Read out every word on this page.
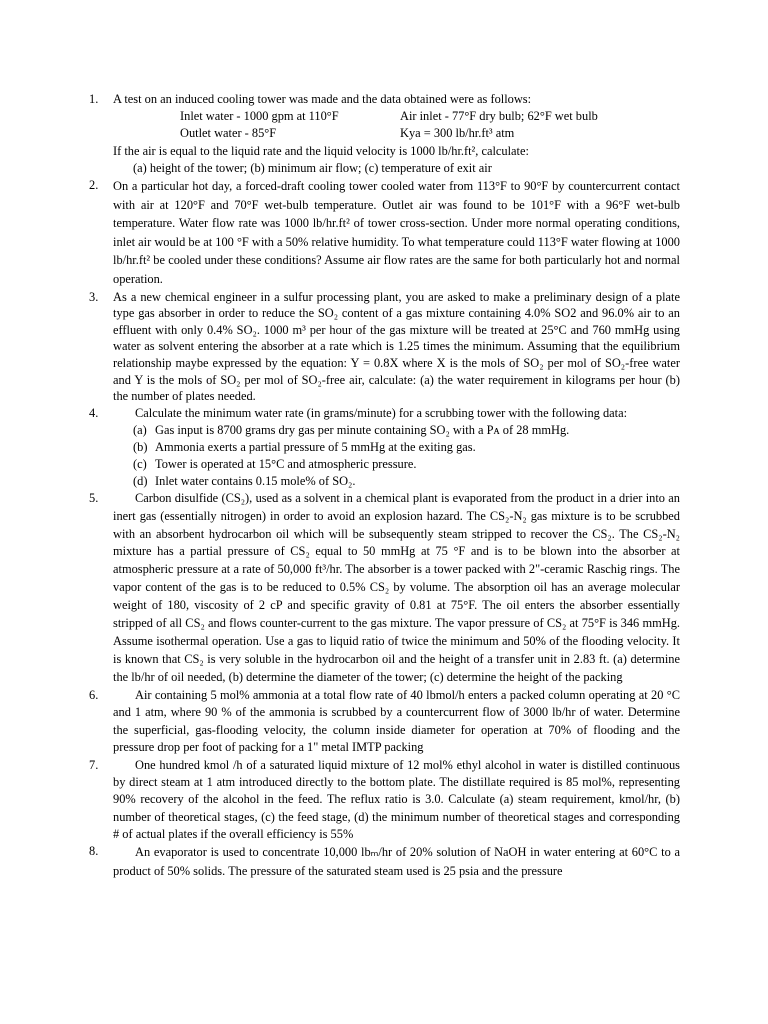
1.	A test on an induced cooling tower was made and the data obtained were as follows:

Inlet water - 1000 gpm at 110°F	Air inlet - 77°F dry bulb; 62°F wet bulb
Outlet water - 85°F	Kya = 300 lb/hr.ft³ atm

If the air is equal to the liquid rate and the liquid velocity is 1000 lb/hr.ft², calculate:

(a) height of the tower; (b) minimum air flow; (c) temperature of exit air

2.	On a particular hot day, a forced-draft cooling tower cooled water from 113°F to 90°F by countercurrent contact with air at 120°F and 70°F wet-bulb temperature. Outlet air was found to be 101°F with a 96°F wet-bulb temperature. Water flow rate was 1000 lb/hr.ft² of tower cross-section. Under more normal operating conditions, inlet air would be at 100 °F with a 50% relative humidity. To what temperature could 113°F water flowing at 1000 lb/hr.ft² be cooled under these conditions? Assume air flow rates are the same for both particularly hot and normal operation.

3.	As a new chemical engineer in a sulfur processing plant, you are asked to make a preliminary design of a plate type gas absorber in order to reduce the SO₂ content of a gas mixture containing 4.0% SO2 and 96.0% air to an effluent with only 0.4% SO₂. 1000 m³ per hour of the gas mixture will be treated at 25°C and 760 mmHg using water as solvent entering the absorber at a rate which is 1.25 times the minimum. Assuming that the equilibrium relationship maybe expressed by the equation: Y = 0.8X where X is the mols of SO₂ per mol of SO₂-free water and Y is the mols of SO₂ per mol of SO₂-free air, calculate: (a) the water requirement in kilograms per hour (b) the number of plates needed.

4.	Calculate the minimum water rate (in grams/minute) for a scrubbing tower with the following data:

(a) Gas input is 8700 grams dry gas per minute containing SO₂ with a Pᴀ of 28 mmHg.
(b) Ammonia exerts a partial pressure of 5 mmHg at the exiting gas.
(c) Tower is operated at 15°C and atmospheric pressure.
(d) Inlet water contains 0.15 mole% of SO₂.
5.	Carbon disulfide (CS₂), used as a solvent in a chemical plant is evaporated from the product in a drier into an inert gas (essentially nitrogen) in order to avoid an explosion hazard. The CS₂-N₂ gas mixture is to be scrubbed with an absorbent hydrocarbon oil which will be subsequently steam stripped to recover the CS₂. The CS₂-N₂ mixture has a partial pressure of CS₂ equal to 50 mmHg at 75 °F and is to be blown into the absorber at atmospheric pressure at a rate of 50,000 ft³/hr. The absorber is a tower packed with 2"-ceramic Raschig rings. The vapor content of the gas is to be reduced to 0.5% CS₂ by volume. The absorption oil has an average molecular weight of 180, viscosity of 2 cP and specific gravity of 0.81 at 75°F. The oil enters the absorber essentially stripped of all CS₂ and flows counter-current to the gas mixture. The vapor pressure of CS₂ at 75°F is 346 mmHg. Assume isothermal operation. Use a gas to liquid ratio of twice the minimum and 50% of the flooding velocity. It is known that CS₂ is very soluble in the hydrocarbon oil and the height of a transfer unit in 2.83 ft. (a) determine the lb/hr of oil needed, (b) determine the diameter of the tower; (c) determine the height of the packing

6.	Air containing 5 mol% ammonia at a total flow rate of 40 lbmol/h enters a packed column operating at 20 °C and 1 atm, where 90 % of the ammonia is scrubbed by a countercurrent flow of 3000 lb/hr of water. Determine the superficial, gas-flooding velocity, the column inside diameter for operation at 70% of flooding and the pressure drop per foot of packing for a 1" metal IMTP packing

7.	One hundred kmol /h of a saturated liquid mixture of 12 mol% ethyl alcohol in water is distilled continuous by direct steam at 1 atm introduced directly to the bottom plate. The distillate required is 85 mol%, representing 90% recovery of the alcohol in the feed. The reflux ratio is 3.0. Calculate (a) steam requirement, kmol/hr, (b) number of theoretical stages, (c) the feed stage, (d) the minimum number of theoretical stages and corresponding # of actual plates if the overall efficiency is 55%

8.	An evaporator is used to concentrate 10,000 lbₘ/hr of 20% solution of NaOH in water entering at 60°C to a product of 50% solids. The pressure of the saturated steam used is 25 psia and the pressure
